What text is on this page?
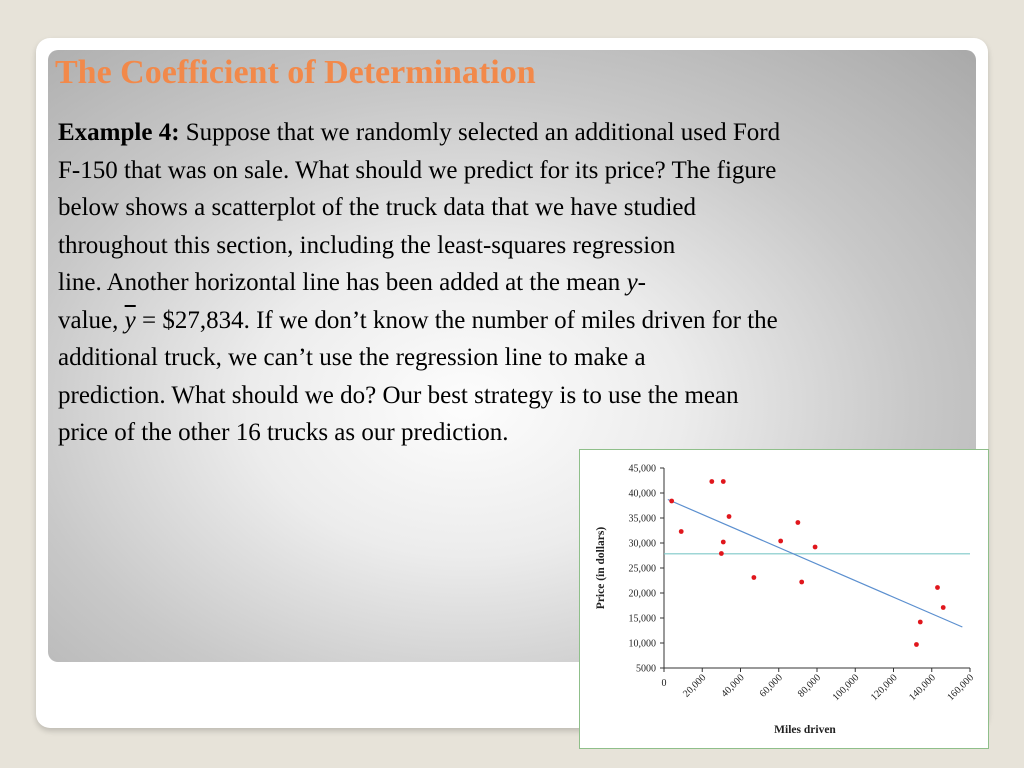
The Coefficient of Determination
Example 4: Suppose that we randomly selected an additional used Ford
F-150 that was on sale. What should we predict for its price? The figure
below shows a scatterplot of the truck data that we have studied
throughout this section, including the least-squares regression
line. Another horizontal line has been added at the mean y-
value, $\overline{y}$ = $27,834. If we don’t know the number of miles driven for the
additional truck, we can’t use the regression line to make a
prediction. What should we do? Our best strategy is to use the mean
price of the other 16 trucks as our prediction.
5000
10,000
15,000
20,000
25,000
30,000
35,000
40,000
45,000
0 20,000 40,000 60,000 80,000 100,000 120,000 140,000 160,000
Miles driven
Price (in dollars)
